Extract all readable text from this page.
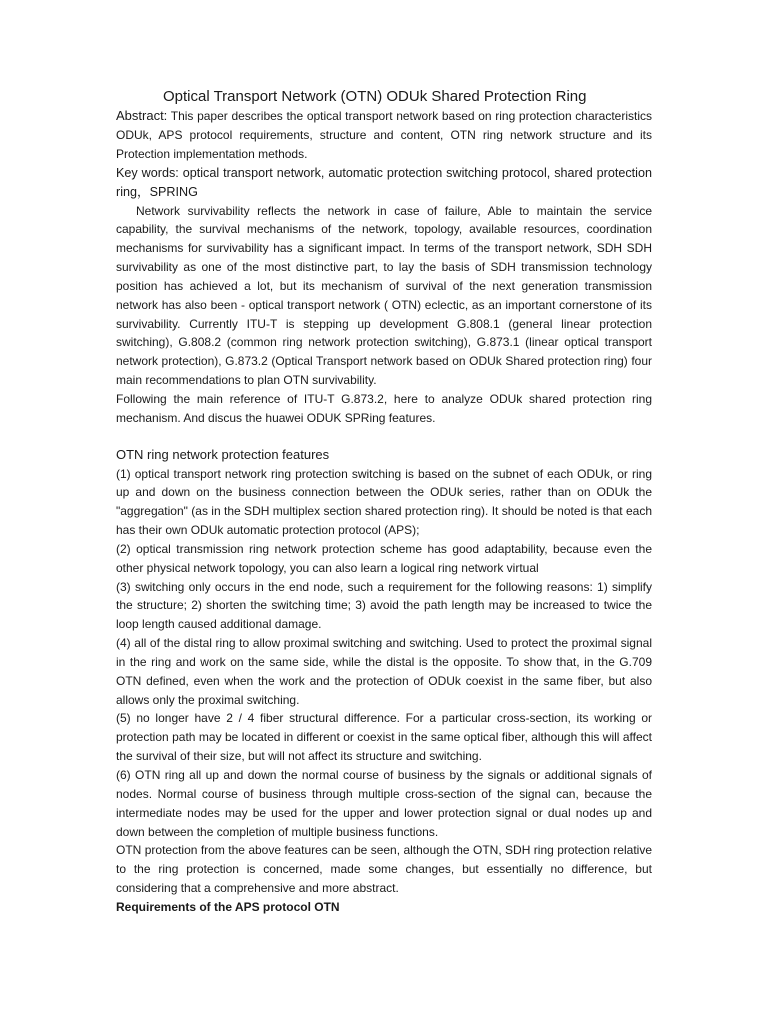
Optical Transport Network (OTN) ODUk Shared Protection Ring

Abstract: This paper describes the optical transport network based on ring protection characteristics ODUk, APS protocol requirements, structure and content, OTN ring network structure and its Protection implementation methods.

Key words: optical transport network, automatic protection switching protocol, shared protection ring，SPRING

Network survivability reflects the network in case of failure, Able to maintain the service capability, the survival mechanisms of the network, topology, available resources, coordination mechanisms for survivability has a significant impact. In terms of the transport network, SDH SDH survivability as one of the most distinctive part, to lay the basis of SDH transmission technology position has achieved a lot, but its mechanism of survival of the next generation transmission network has also been - optical transport network ( OTN) eclectic, as an important cornerstone of its survivability. Currently ITU-T is stepping up development G.808.1 (general linear protection switching), G.808.2 (common ring network protection switching), G.873.1 (linear optical transport network protection), G.873.2 (Optical Transport network based on ODUk Shared protection ring) four main recommendations to plan OTN survivability.

Following the main reference of ITU-T G.873.2, here to analyze ODUk shared protection ring mechanism. And discus the huawei ODUK SPRing features.

OTN ring network protection features

(1) optical transport network ring protection switching is based on the subnet of each ODUk, or ring up and down on the business connection between the ODUk series, rather than on ODUk the "aggregation" (as in the SDH multiplex section shared protection ring). It should be noted is that each has their own ODUk automatic protection protocol (APS);

(2) optical transmission ring network protection scheme has good adaptability, because even the other physical network topology, you can also learn a logical ring network virtual

(3) switching only occurs in the end node, such a requirement for the following reasons: 1) simplify the structure; 2) shorten the switching time; 3) avoid the path length may be increased to twice the loop length caused additional damage.

(4) all of the distal ring to allow proximal switching and switching. Used to protect the proximal signal in the ring and work on the same side, while the distal is the opposite. To show that, in the G.709 OTN defined, even when the work and the protection of ODUk coexist in the same fiber, but also allows only the proximal switching.

(5) no longer have 2 / 4 fiber structural difference. For a particular cross-section, its working or protection path may be located in different or coexist in the same optical fiber, although this will affect the survival of their size, but will not affect its structure and switching.

(6) OTN ring all up and down the normal course of business by the signals or additional signals of nodes. Normal course of business through multiple cross-section of the signal can, because the intermediate nodes may be used for the upper and lower protection signal or dual nodes up and down between the completion of multiple business functions.

OTN protection from the above features can be seen, although the OTN, SDH ring protection relative to the ring protection is concerned, made some changes, but essentially no difference, but considering that a comprehensive and more abstract.

Requirements of the APS protocol OTN
